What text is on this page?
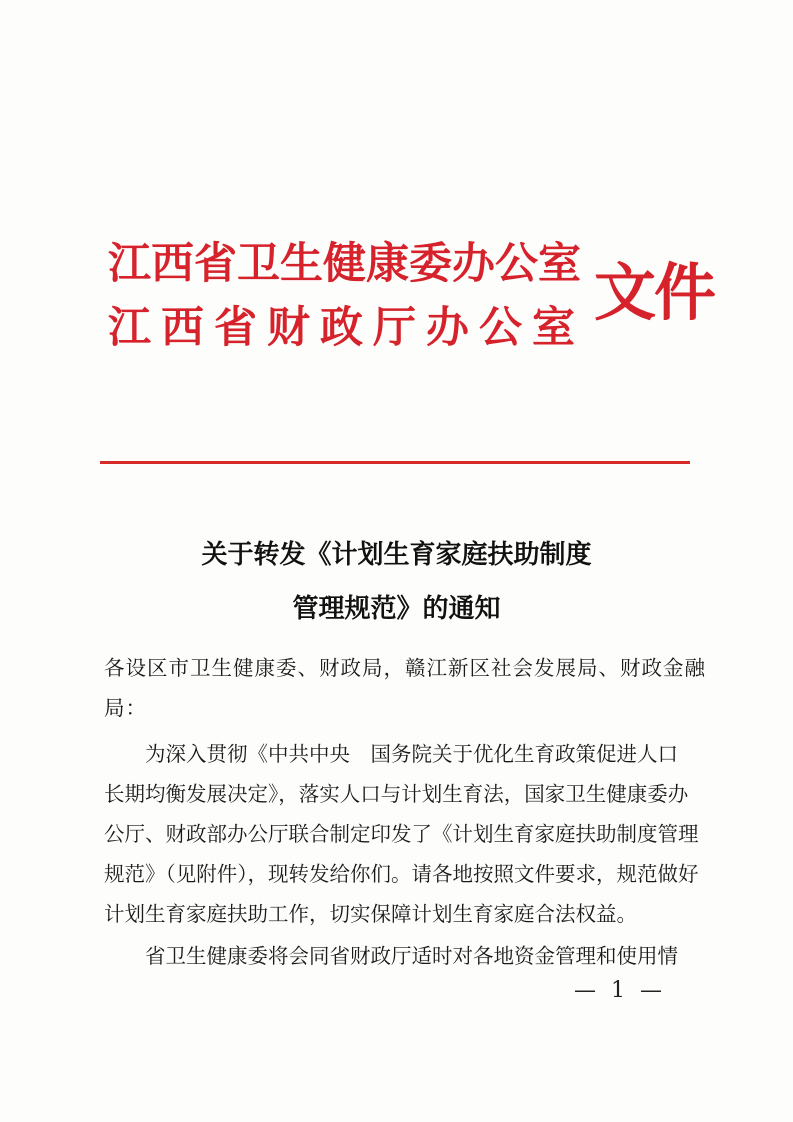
江西省卫生健康委办公室
江西省财政厅办公室 文件
关于转发《计划生育家庭扶助制度
管理规范》的通知
各设区市卫生健康委、财政局，赣江新区社会发展局、财政金融
局：
为深入贯彻《中共中央　国务院关于优化生育政策促进人口
长期均衡发展决定》，落实人口与计划生育法，国家卫生健康委办
公厅、财政部办公厅联合制定印发了《计划生育家庭扶助制度管理
规范》（见附件），现转发给你们。请各地按照文件要求，规范做好
计划生育家庭扶助工作，切实保障计划生育家庭合法权益。
省卫生健康委将会同省财政厅适时对各地资金管理和使用情
— 1 —
